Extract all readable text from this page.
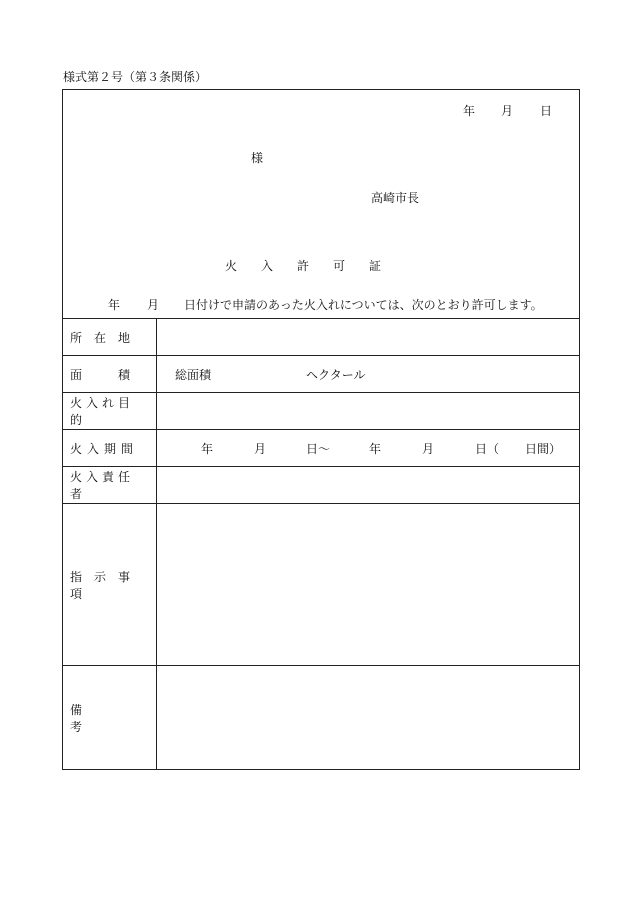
様式第２号（第３条関係）
年 月 日
様
高崎市長
火　　入　　許　　可　　証
年 月 日付けで申請のあった火入れについては、次のとおり許可します。
所　在　地
面　　　積	総面積	ヘクタール
火入れ目的
火入期間	年	月	日～	年	月	日（ 日間）
火入責任者
指　示　事　項
備　　　考
